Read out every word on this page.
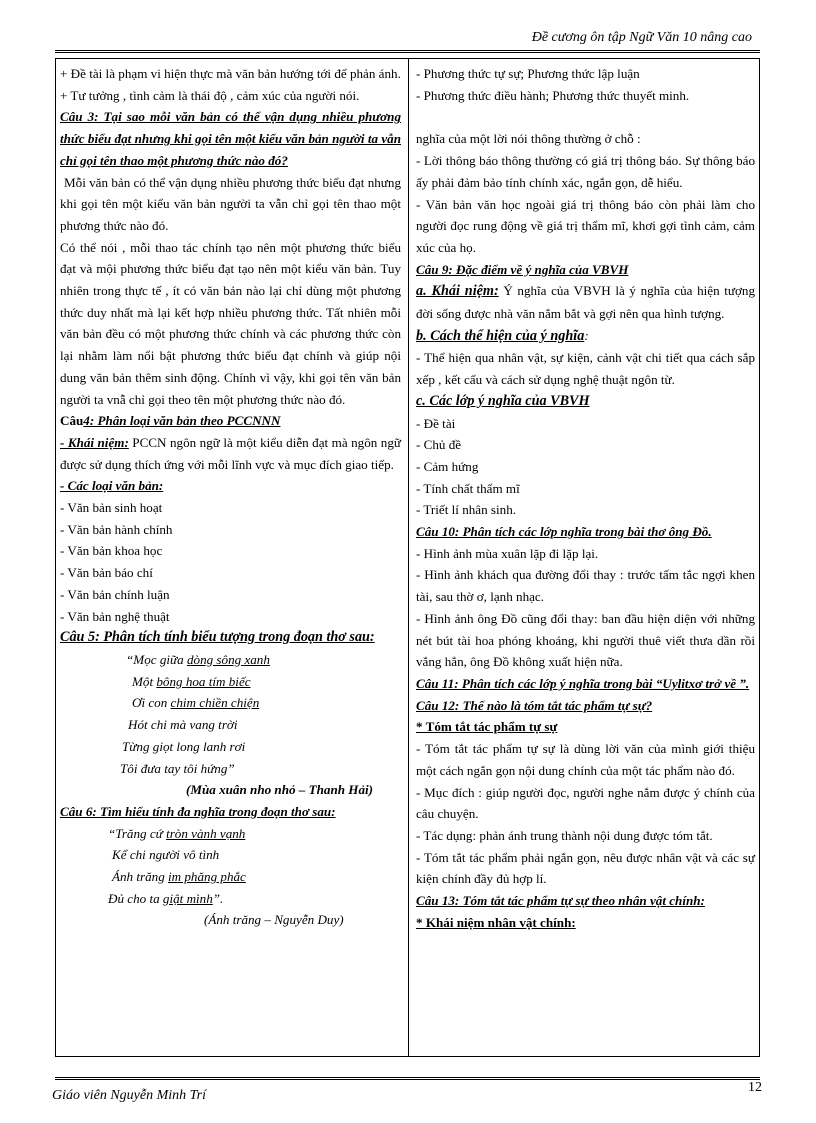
Đề cương ôn tập Ngữ Văn 10 nâng cao

+ Đề tài là phạm vi hiện thực mà văn bản hướng tới để phản ánh.

+ Tư tưởng , tình cảm là thái độ , cảm xúc của người nói.

Câu 3: Tại sao mỗi văn bản có thể vận dụng nhiều phương thức biểu đạt nhưng khi gọi tên một kiểu văn bản người ta vẫn chỉ gọi tên thao một phương thức nào đó?

Mỗi văn bản có thể vận dụng nhiều phương thức biểu đạt nhưng khi gọi tên một kiểu văn bản người ta vẫn chỉ gọi tên thao một phương thức nào đó.

Có thể nói , mỗi thao tác chính tạo nên một phương thức biểu đạt và mội phương thức biểu đạt tạo nên một kiểu văn bản. Tuy nhiên trong thực tế , ít có văn bản nào lại chỉ dùng một phương thức duy nhất mà lại kết hợp nhiều phương thức. Tất nhiên mỗi văn bản đều có một phương thức chính và các phương thức còn lại nhằm làm nổi bật phương thức biểu đạt chính và giúp nội dung văn bản thêm sinh động. Chính vì vậy, khi gọi tên văn bản người ta vnẫ chỉ gọi theo tên một phương thức nào đó.

Câu4: Phân loại văn bản theo PCCNNN

- Khái niệm: PCCN ngôn ngữ là một kiểu diễn đạt mà ngôn ngữ được sử dụng thích ứng với mỗi lĩnh vực và mục đích giao tiếp.

- Các loại văn bản:

- Văn bản sinh hoạt

- Văn bản hành chính

- Văn bản khoa học

- Văn bản báo chí

- Văn bản chính luận

- Văn bản nghệ thuật

Câu 5: Phân tích tính biểu tượng trong đoạn thơ sau:

“Mọc giữa dòng sông xanh

Một bông hoa tím biếc

Ơi con chim chiền chiện

Hót chi mà vang trời

Từng giọt long lanh rơi

Tôi đưa tay tôi hứng”

(Mùa xuân nho nhỏ – Thanh Hải)

Câu 6: Tìm hiểu tính đa nghĩa trong đoạn thơ sau:

“Trăng cứ tròn vành vạnh

Kể chi người vô tình

Ánh trăng im phăng phắc

Đủ cho ta giật mình”.

(Ánh trăng – Nguyễn Duy)

- Phương thức tự sự; Phương thức lập luận

- Phương thức điều hành; Phương thức thuyết minh.

nghĩa của một lời nói thông thường ở chỗ :

- Lời thông báo thông thường có giá trị thông báo. Sự thông báo ấy phải đảm bảo tính chính xác, ngắn gọn, dễ hiểu.

- Văn bản văn học ngoài giá trị thông báo còn phải làm cho người đọc rung động về giá trị thẩm mĩ, khơi gợi tình cảm, cảm xúc của họ.

Câu 9: Đặc điểm về ý nghĩa của VBVH

a. Khái niệm: Ý nghĩa của VBVH là ý nghĩa của hiện tượng đời sống được nhà văn nắm bắt và gợi nên qua hình tượng.

b. Cách thể hiện của ý nghĩa:

- Thể hiện qua nhân vật, sự kiện, cảnh vật chi tiết qua cách sắp xếp , kết cấu và cách sử dụng nghệ thuật ngôn từ.

c. Các lớp ý nghĩa của VBVH

- Đề tài

- Chủ đề

- Cảm hứng

- Tính chất thẩm mĩ

- Triết lí nhân sinh.

Câu 10: Phân tích các lớp nghĩa trong bài thơ ông Đồ.

- Hình ảnh mùa xuân lặp đi lặp lại.

- Hình ảnh khách qua đường đổi thay : trước tấm tắc ngợi khen tài, sau thờ ơ, lạnh nhạc.

- Hình ảnh ông Đồ cũng đổi thay: ban đầu hiện diện với những nét bút tài hoa phóng khoáng, khi người thuê viết thưa dần rồi vắng hẳn, ông Đồ không xuất hiện nữa.

Câu 11: Phân tích các lớp ý nghĩa trong bài “Uylitxơ trở về ”.

Câu 12: Thế nào là tóm tắt tác phẩm tự sự?

* Tóm tắt tác phẩm tự sự

- Tóm tắt tác phẩm tự sự là dùng lời văn của mình giới thiệu một cách ngắn gọn nội dung chính của một tác phẩm nào đó.

- Mục đích : giúp người đọc, người nghe nắm được ý chính của câu chuyện.

- Tác dụng: phản ánh trung thành nội dung được tóm tắt.

- Tóm tắt tác phẩm phải ngắn gọn, nêu được nhân vật và các sự kiện chính đầy đủ hợp lí.

Câu 13: Tóm tắt tác phẩm tự sự theo nhân vật chính:

* Khái niệm nhân vật chính:

Giáo viên Nguyễn Minh Trí
12
